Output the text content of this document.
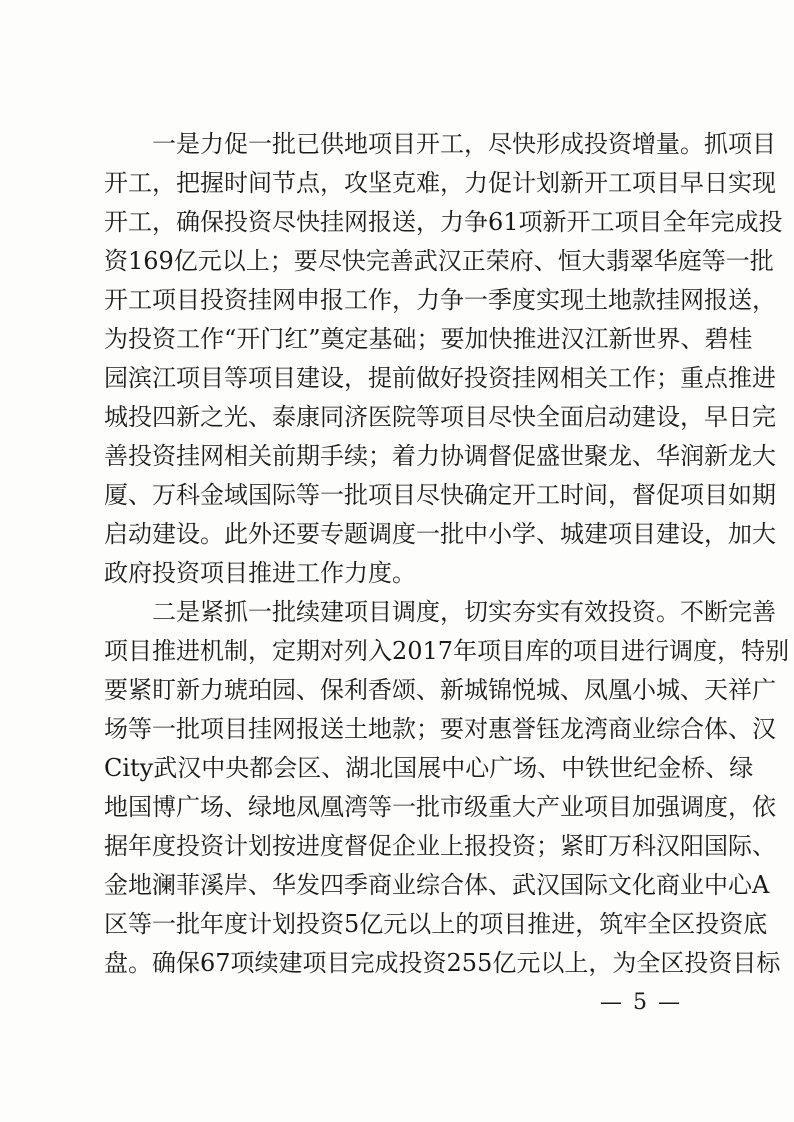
一是力促一批已供地项目开工，尽快形成投资增量。抓项目
开工，把握时间节点，攻坚克难，力促计划新开工项目早日实现
开工，确保投资尽快挂网报送，力争61项新开工项目全年完成投
资169亿元以上；要尽快完善武汉正荣府、恒大翡翠华庭等一批
开工项目投资挂网申报工作，力争一季度实现土地款挂网报送，
为投资工作“开门红”奠定基础；要加快推进汉江新世界、碧桂
园滨江项目等项目建设，提前做好投资挂网相关工作；重点推进
城投四新之光、泰康同济医院等项目尽快全面启动建设，早日完
善投资挂网相关前期手续；着力协调督促盛世聚龙、华润新龙大
厦、万科金域国际等一批项目尽快确定开工时间，督促项目如期
启动建设。此外还要专题调度一批中小学、城建项目建设，加大
政府投资项目推进工作力度。
二是紧抓一批续建项目调度，切实夯实有效投资。不断完善
项目推进机制，定期对列入2017年项目库的项目进行调度，特别
要紧盯新力琥珀园、保利香颂、新城锦悦城、凤凰小城、天祥广
场等一批项目挂网报送土地款；要对惠誉钰龙湾商业综合体、汉
City武汉中央都会区、湖北国展中心广场、中铁世纪金桥、绿
地国博广场、绿地凤凰湾等一批市级重大产业项目加强调度，依
据年度投资计划按进度督促企业上报投资；紧盯万科汉阳国际、
金地澜菲溪岸、华发四季商业综合体、武汉国际文化商业中心A
区等一批年度计划投资5亿元以上的项目推进，筑牢全区投资底
盘。确保67项续建项目完成投资255亿元以上，为全区投资目标
— 5 —
